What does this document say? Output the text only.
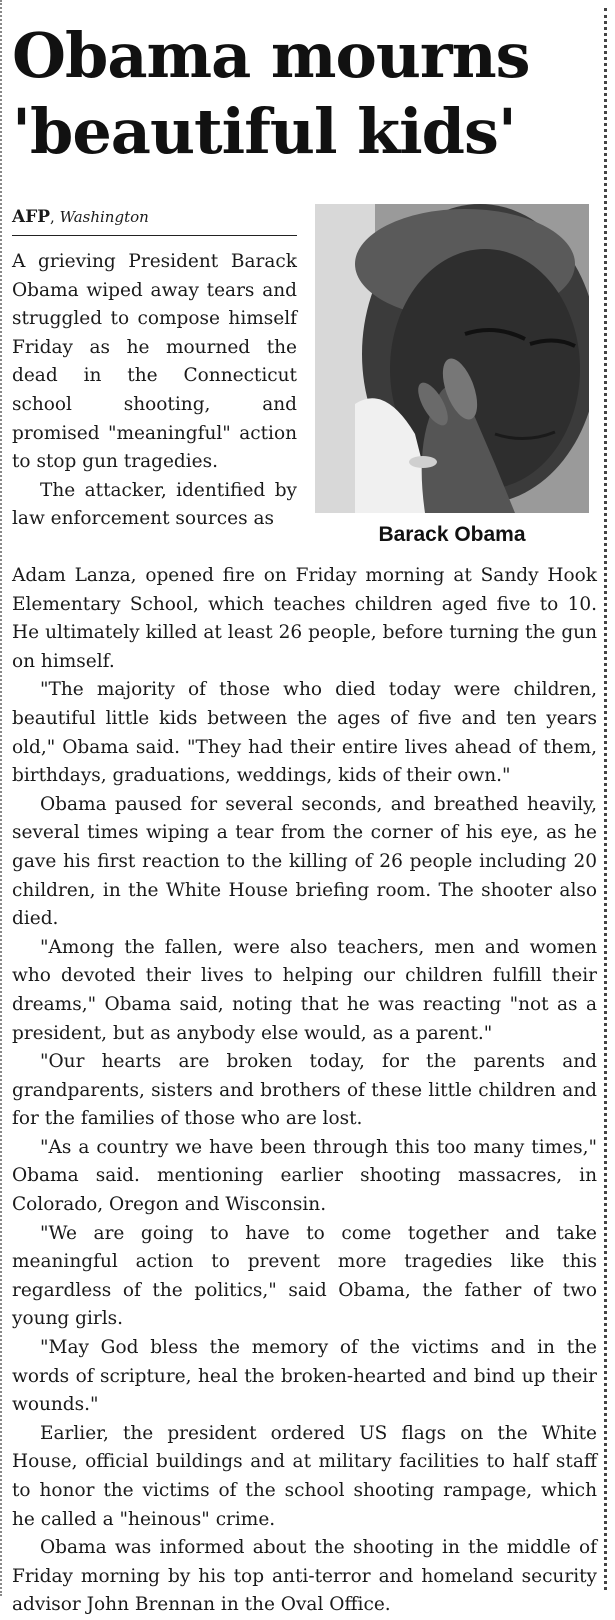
Obama mourns
'beautiful kids'
AFP, Washington
Barack Obama

A grieving President Barack Obama wiped away tears and struggled to compose himself Friday as he mourned the dead in the Connecticut school shooting, and promised "meaningful" action to stop gun tragedies.

The attacker, identified by law enforcement sources as

Adam Lanza, opened fire on Friday morning at Sandy Hook Elementary School, which teaches children aged five to 10. He ultimately killed at least 26 people, before turning the gun on himself.

"The majority of those who died today were children, beautiful little kids between the ages of five and ten years old," Obama said. "They had their entire lives ahead of them, birthdays, graduations, weddings, kids of their own."

Obama paused for several seconds, and breathed heavily, several times wiping a tear from the corner of his eye, as he gave his first reaction to the killing of 26 people including 20 children, in the White House briefing room. The shooter also died.

"Among the fallen, were also teachers, men and women who devoted their lives to helping our children fulfill their dreams," Obama said, noting that he was reacting "not as a president, but as anybody else would, as a parent."

"Our hearts are broken today, for the parents and grandparents, sisters and brothers of these little children and for the families of those who are lost.

"As a country we have been through this too many times," Obama said. mentioning earlier shooting massacres, in Colorado, Oregon and Wisconsin.

"We are going to have to come together and take meaningful action to prevent more tragedies like this regardless of the politics," said Obama, the father of two young girls.

"May God bless the memory of the victims and in the words of scripture, heal the broken-hearted and bind up their wounds."

Earlier, the president ordered US flags on the White House, official buildings and at military facilities to half staff to honor the victims of the school shooting rampage, which he called a "heinous" crime.

Obama was informed about the shooting in the middle of Friday morning by his top anti-terror and homeland security advisor John Brennan in the Oval Office.
